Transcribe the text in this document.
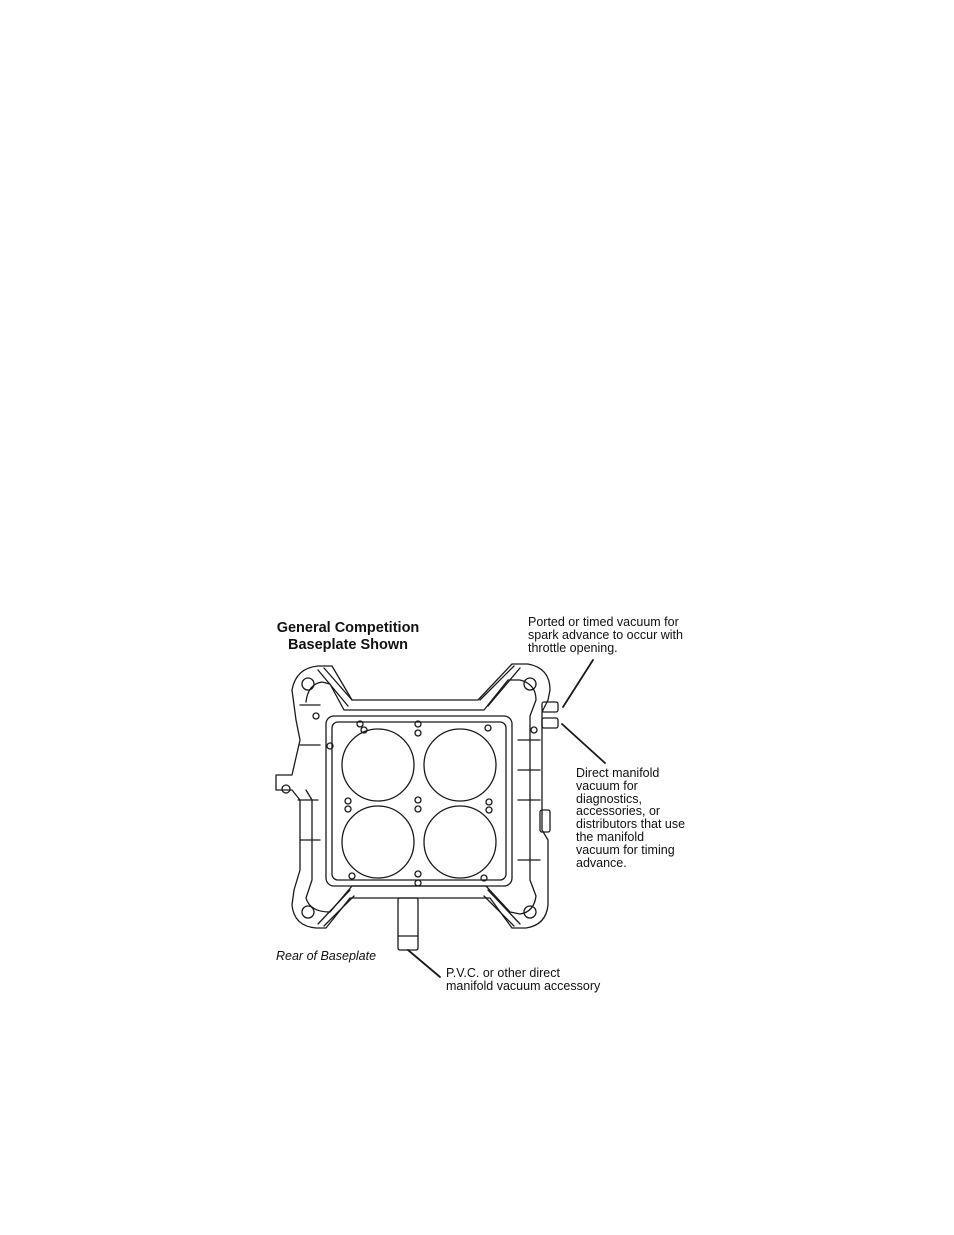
General Competition
Baseplate Shown
Ported or timed vacuum for
spark advance to occur with
throttle opening.
Direct manifold
vacuum for
diagnostics,
accessories, or
distributors that use
the manifold
vacuum for timing
advance.
P.V.C. or other direct
manifold vacuum accessory
Rear of Baseplate
